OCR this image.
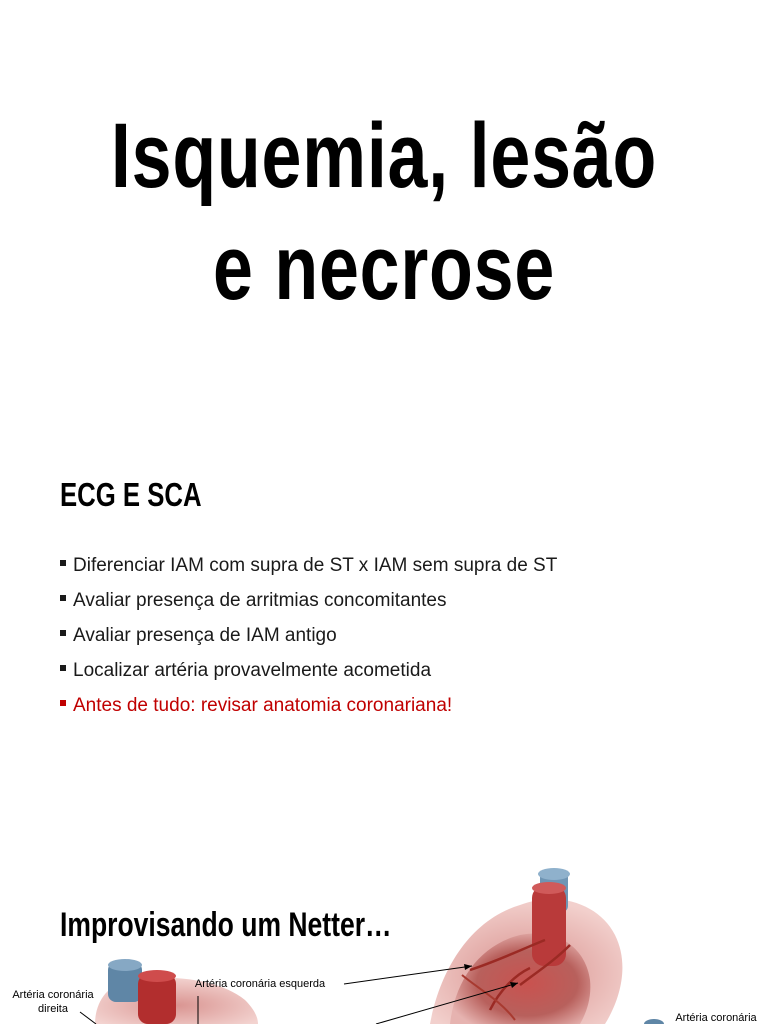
Isquemia, lesão
e necrose
ECG E SCA
Diferenciar IAM com supra de ST x IAM sem supra de ST
Avaliar presença de arritmias concomitantes
Avaliar presença de IAM antigo
Localizar artéria provavelmente acometida
Antes de tudo: revisar anatomia coronariana!
Improvisando um Netter…
Artéria coronária
direita
Artéria coronária esquerda
Artéria coronária
